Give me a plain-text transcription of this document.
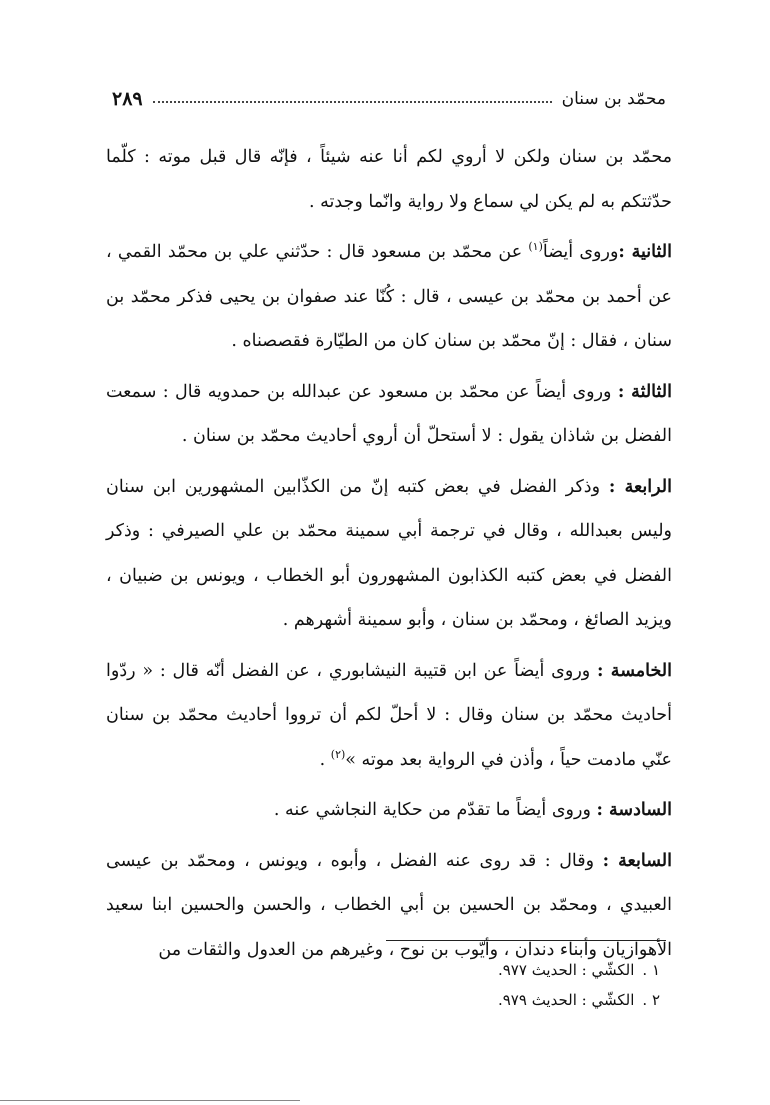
محمّد بن سنان
٢٨٩

محمّد بن سنان ولكن لا أروي لكم أنا عنه شيئاً ، فإنّه قال قبل موته : كلّما حدّثتكم به لم يكن لي سماع ولا رواية وانّما وجدته .

الثانية :وروى أيضاً$^{(١)}$ عن محمّد بن مسعود قال : حدّثني علي بن محمّد القمي ، عن أحمد بن محمّد بن عيسى ، قال : كُنّا عند صفوان بن يحيى فذكر محمّد بن سنان ، فقال : إنّ محمّد بن سنان كان من الطيّارة فقصصناه .

الثالثة : وروى أيضاً عن محمّد بن مسعود عن عبدالله بن حمدويه قال : سمعت الفضل بن شاذان يقول : لا أستحلّ أن أروي أحاديث محمّد بن سنان .

الرابعة : وذكر الفضل في بعض كتبه إنّ من الكذّابين المشهورين ابن سنان وليس بعبدالله ، وقال في ترجمة أبي سمينة محمّد بن علي الصيرفي : وذكر الفضل في بعض كتبه الكذابون المشهورون أبو الخطاب ، ويونس بن ضبيان ، ويزيد الصائغ ، ومحمّد بن سنان ، وأبو سمينة أشهرهم .

الخامسة : وروى أيضاً عن ابن قتيبة النيشابوري ، عن الفضل أنّه قال : « ردّوا أحاديث محمّد بن سنان وقال : لا أحلّ لكم أن ترووا أحاديث محمّد بن سنان عنّي مادمت حياً ، وأذن في الرواية بعد موته »$^{(٢)}$ .

السادسة : وروى أيضاً ما تقدّم من حكاية النجاشي عنه .

السابعة : وقال : قد روى عنه الفضل ، وأبوه ، ويونس ، ومحمّد بن عيسى العبيدي ، ومحمّد بن الحسين بن أبي الخطاب ، والحسن والحسين ابنا سعيد الأهوازيان وأبناء دندان ، وأيّوب بن نوح ، وغيرهم من العدول والثقات من

١ .
الكشّي : الحديث ٩٧٧.
٢ .
الكشّي : الحديث ٩٧٩.
